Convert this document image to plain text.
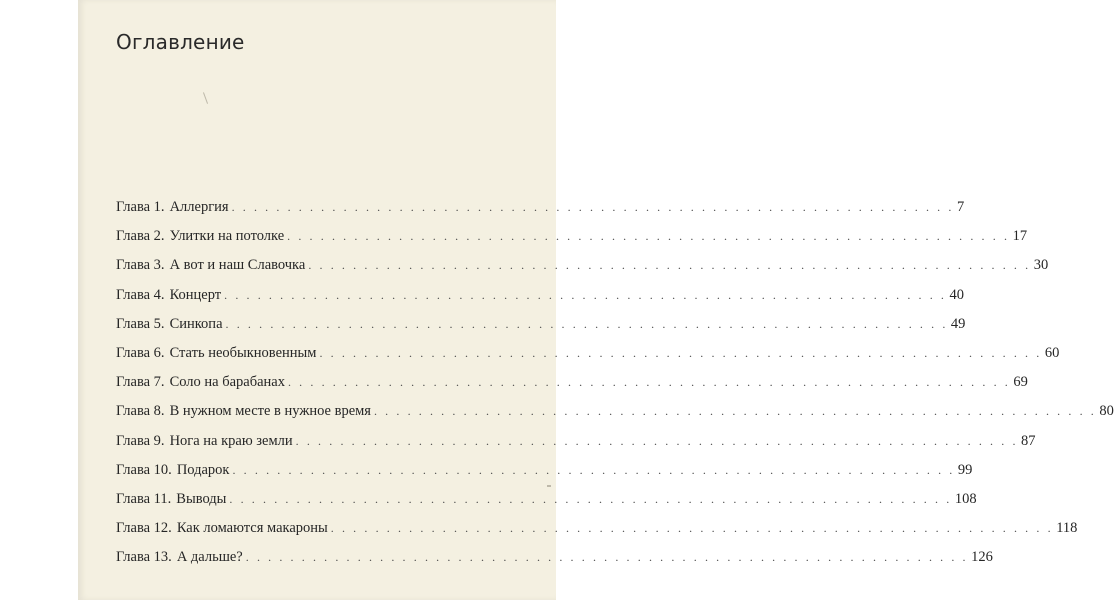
Оглавление
Глава 1. Аллергия . . . . . . . . . . . . . . . . . . . . . . . . . . . . . . . . . . . . . . . . . . . . . . . . . . . . . . . . . . . . . . . . . 7
Глава 2. Улитки на потолке . . . . . . . . . . . . . . . . . . . . . . . . . . . . . . . . . . . . . . . . . . . . . . . . . . . . . . . . . . . . . . . . . 17
Глава 3. А вот и наш Славочка . . . . . . . . . . . . . . . . . . . . . . . . . . . . . . . . . . . . . . . . . . . . . . . . . . . . . . . . . . . . . . . . . 30
Глава 4. Концерт . . . . . . . . . . . . . . . . . . . . . . . . . . . . . . . . . . . . . . . . . . . . . . . . . . . . . . . . . . . . . . . . . 40
Глава 5. Синкопа . . . . . . . . . . . . . . . . . . . . . . . . . . . . . . . . . . . . . . . . . . . . . . . . . . . . . . . . . . . . . . . . . 49
Глава 6. Стать необыкновенным . . . . . . . . . . . . . . . . . . . . . . . . . . . . . . . . . . . . . . . . . . . . . . . . . . . . . . . . . . . . . . . . . 60
Глава 7. Соло на барабанах . . . . . . . . . . . . . . . . . . . . . . . . . . . . . . . . . . . . . . . . . . . . . . . . . . . . . . . . . . . . . . . . . 69
Глава 8. В нужном месте в нужное время . . . . . . . . . . . . . . . . . . . . . . . . . . . . . . . . . . . . . . . . . . . . . . . . . . . . . . . . . . . . . . . . . 80
Глава 9. Нога на краю земли . . . . . . . . . . . . . . . . . . . . . . . . . . . . . . . . . . . . . . . . . . . . . . . . . . . . . . . . . . . . . . . . . 87
Глава 10. Подарок . . . . . . . . . . . . . . . . . . . . . . . . . . . . . . . . . . . . . . . . . . . . . . . . . . . . . . . . . . . . . . . . . 99
Глава 11. Выводы . . . . . . . . . . . . . . . . . . . . . . . . . . . . . . . . . . . . . . . . . . . . . . . . . . . . . . . . . . . . . . . . . 108
Глава 12. Как ломаются макароны . . . . . . . . . . . . . . . . . . . . . . . . . . . . . . . . . . . . . . . . . . . . . . . . . . . . . . . . . . . . . . . . . 118
Глава 13. А дальше? . . . . . . . . . . . . . . . . . . . . . . . . . . . . . . . . . . . . . . . . . . . . . . . . . . . . . . . . . . . . . . . . . 126
